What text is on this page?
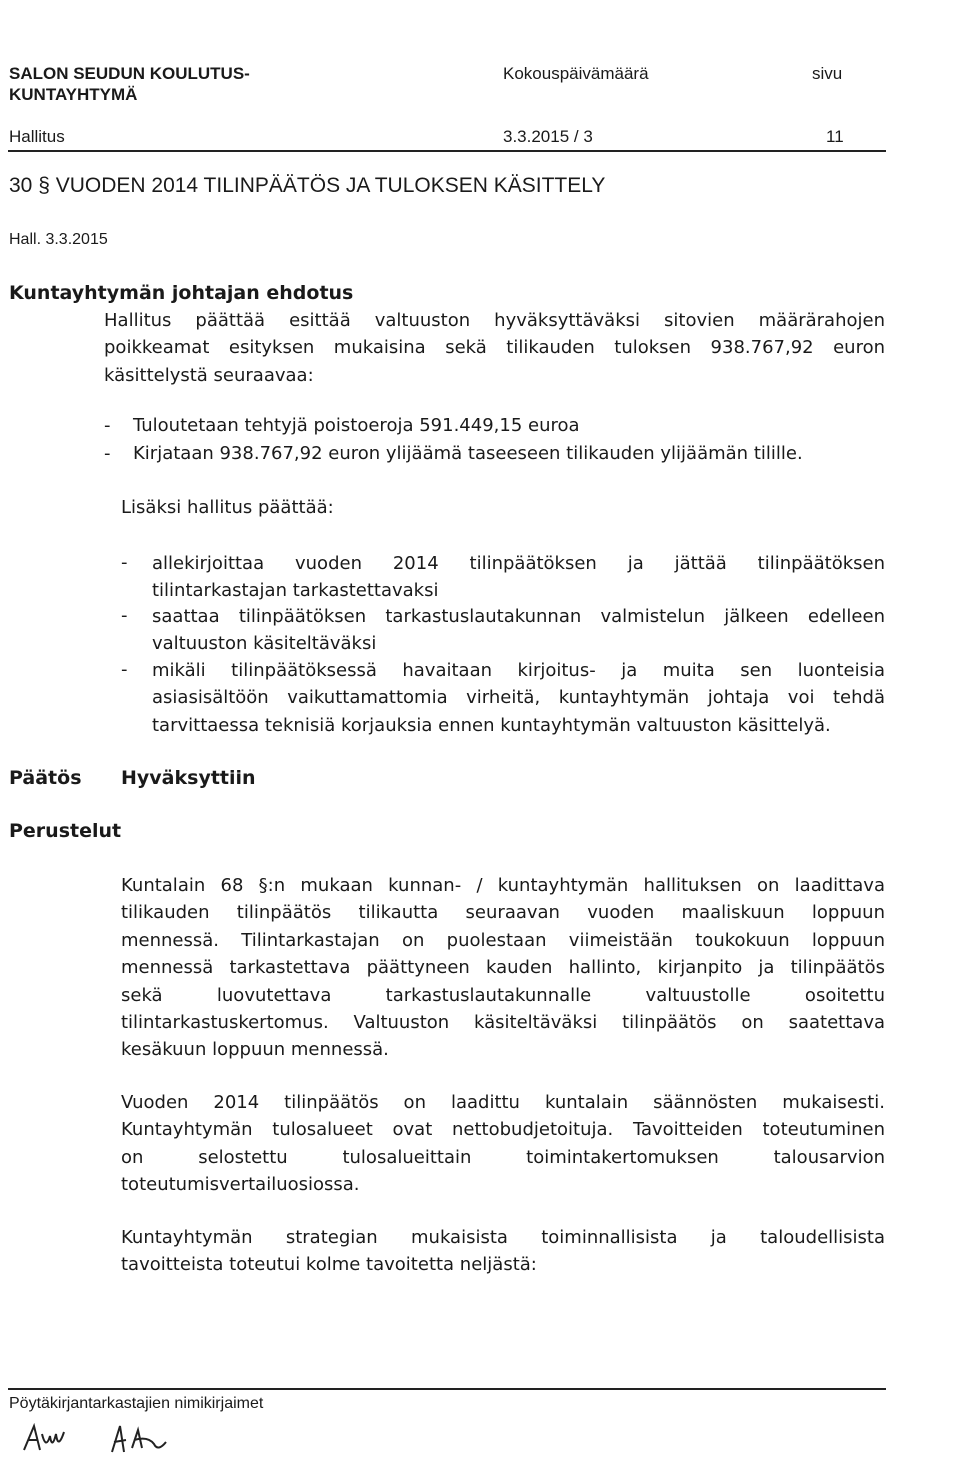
SALON SEUDUN KOULUTUS-
KUNTAYHTYMÄ
Kokouspäivämäärä	sivu
Hallitus	3.3.2015 / 3	11
30 § VUODEN 2014 TILINPÄÄTÖS JA TULOKSEN KÄSITTELY
Hall. 3.3.2015
Kuntayhtymän johtajan ehdotus
Hallitus päättää esittää valtuuston hyväksyttäväksi sitovien määrärahojen
poikkeamat esityksen mukaisina sekä tilikauden tuloksen 938.767,92 euron
käsittelystä seuraavaa:
- Tuloutetaan tehtyjä poistoeroja 591.449,15 euroa
- Kirjataan 938.767,92 euron ylijäämä taseeseen tilikauden ylijäämän tilille.
Lisäksi hallitus päättää:
- allekirjoittaa vuoden 2014 tilinpäätöksen ja jättää tilinpäätöksen
tilintarkastajan tarkastettavaksi
- saattaa tilinpäätöksen tarkastuslautakunnan valmistelun jälkeen edelleen
valtuuston käsiteltäväksi
- mikäli tilinpäätöksessä havaitaan kirjoitus- ja muita sen luonteisia
asiasisältöön vaikuttamattomia virheitä, kuntayhtymän johtaja voi tehdä
tarvittaessa teknisiä korjauksia ennen kuntayhtymän valtuuston käsittelyä.
Päätös Hyväksyttiin
Perustelut
Kuntalain 68 §:n mukaan kunnan- / kuntayhtymän hallituksen on laadittava
tilikauden tilinpäätös tilikautta seuraavan vuoden maaliskuun loppuun
mennessä. Tilintarkastajan on puolestaan viimeistään toukokuun loppuun
mennessä tarkastettava päättyneen kauden hallinto, kirjanpito ja tilinpäätös
sekä luovutettava tarkastuslautakunnalle valtuustolle osoitettu
tilintarkastuskertomus. Valtuuston käsiteltäväksi tilinpäätös on saatettava
kesäkuun loppuun mennessä.
Vuoden 2014 tilinpäätös on laadittu kuntalain säännösten mukaisesti.
Kuntayhtymän tulosalueet ovat nettobudjetoituja. Tavoitteiden toteutuminen
on selostettu tulosalueittain toimintakertomuksen talousarvion
toteutumisvertailuosiossa.
Kuntayhtymän strategian mukaisista toiminnallisista ja taloudellisista
tavoitteista toteutui kolme tavoitetta neljästä:
Pöytäkirjantarkastajien nimikirjaimet
